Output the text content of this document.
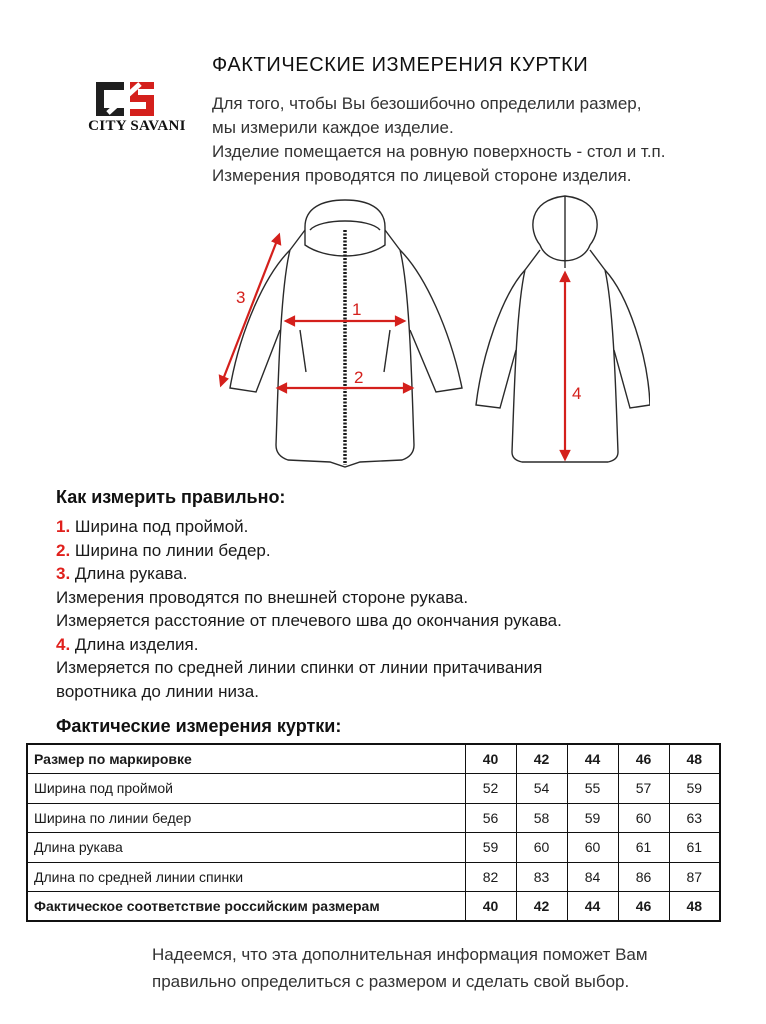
CITY SAVANI
ФАКТИЧЕСКИЕ ИЗМЕРЕНИЯ КУРТКИ
Для того, чтобы Вы безошибочно определили размер,
мы измерили каждое изделие.
Изделие помещается на ровную поверхность - стол и т.п.
Измерения проводятся по лицевой стороне изделия.
1
2
3
4
Как измерить правильно:
1. Ширина под проймой.
2. Ширина по линии бедер.
3. Длина рукава.
Измерения проводятся по внешней стороне рукава.
Измеряется расстояние от плечевого шва до окончания рукава.
4. Длина изделия.
Измеряется по средней линии спинки от линии притачивания
воротника до линии низа.
Фактические измерения куртки:
Размер по маркировке	40	42	44	46	48
Ширина под проймой	52	54	55	57	59
Ширина по линии бедер	56	58	59	60	63
Длина рукава	59	60	60	61	61
Длина по средней линии спинки	82	83	84	86	87
Фактическое соответствие российским размерам	40	42	44	46	48
Надеемся, что эта дополнительная информация поможет Вам
правильно определиться с размером и сделать свой выбор.
